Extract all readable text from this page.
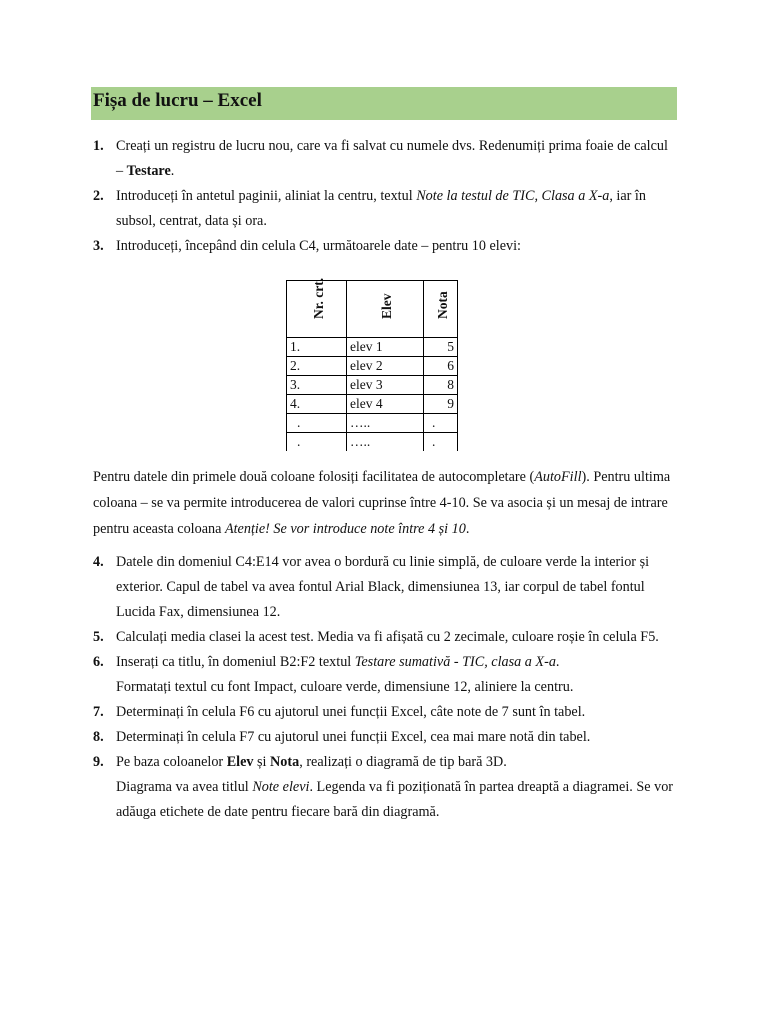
Fișa de lucru – Excel
1. Creați un registru de lucru nou, care va fi salvat cu numele dvs. Redenumiți prima foaie de calcul – Testare.

2. Introduceți în antetul paginii, aliniat la centru, textul Note la testul de TIC, Clasa a X-a, iar în subsol, centrat, data și ora.

3. Introduceți, începând din celula C4, următoarele date – pentru 10 elevi:

Nr. crt.	Elev	Nota

1.	elev 1	5
2.	elev 2	6
3.	elev 3	8
4.	elev 4	9
.	…..	.
.	…..	.

Pentru datele din primele două coloane folosiți facilitatea de autocompletare (AutoFill). Pentru ultima coloana – se va permite introducerea de valori cuprinse între 4-10. Se va asocia și un mesaj de intrare pentru aceasta coloana Atenție! Se vor introduce note între 4 și 10.

4. Datele din domeniul C4:E14 vor avea o bordură cu linie simplă, de culoare verde la interior și exterior. Capul de tabel va avea fontul Arial Black, dimensiunea 13, iar corpul de tabel fontul Lucida Fax, dimensiunea 12.

5. Calculați media clasei la acest test. Media va fi afișată cu 2 zecimale, culoare roșie în celula F5.

6. Inserați ca titlu, în domeniul B2:F2 textul Testare sumativă - TIC, clasa a X-a.
Formatați textul cu font Impact, culoare verde, dimensiune 12, aliniere la centru.

7. Determinați în celula F6 cu ajutorul unei funcții Excel, câte note de 7 sunt în tabel.

8. Determinați în celula F7 cu ajutorul unei funcții Excel, cea mai mare notă din tabel.

9. Pe baza coloanelor Elev și Nota, realizați o diagramă de tip bară 3D.
Diagrama va avea titlul Note elevi. Legenda va fi poziționată în partea dreaptă a diagramei. Se vor adăuga etichete de date pentru fiecare bară din diagramă.
